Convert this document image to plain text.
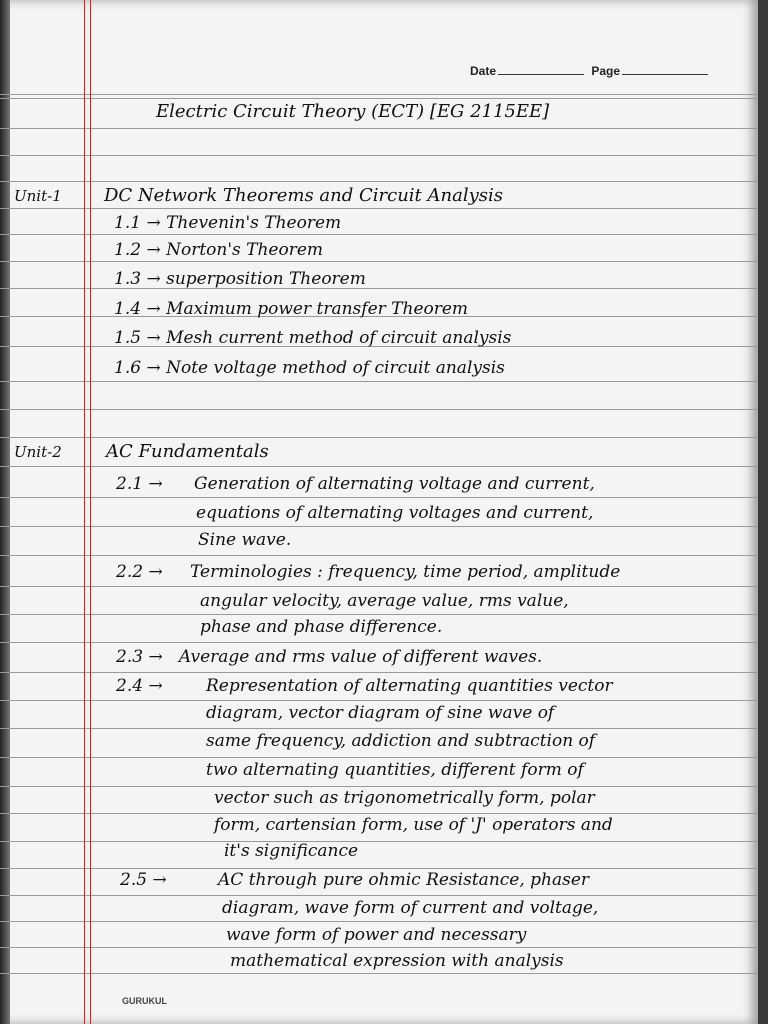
Date	Page
Electric Circuit Theory (ECT) [EG 2115EE]
Unit-1 DC Network Theorems and Circuit Analysis
1.1 → Thevenin's Theorem
1.2 → Norton's Theorem
1.3 → superposition Theorem
1.4 → Maximum power transfer Theorem
1.5 → Mesh current method of circuit analysis
1.6 → Note voltage method of circuit analysis
Unit-2 AC Fundamentals
2.1 → Generation of alternating voltage and current,
equations of alternating voltages and current,
Sine wave.
2.2 → Terminologies : frequency, time period, amplitude
angular velocity, average value, rms value,
phase and phase difference.
2.3 → Average and rms value of different waves.
2.4 →	Representation of alternating quantities vector
diagram, vector diagram of sine wave of
same frequency, addiction and subtraction of
two alternating quantities, different form of
vector such as trigonometrically form, polar
form, cartensian form, use of 'J' operators and
it's significance
2.5 →	AC through pure ohmic Resistance, phaser
diagram, wave form of current and voltage,
wave form of power and necessary
mathematical expression with analysis
GURUKUL
